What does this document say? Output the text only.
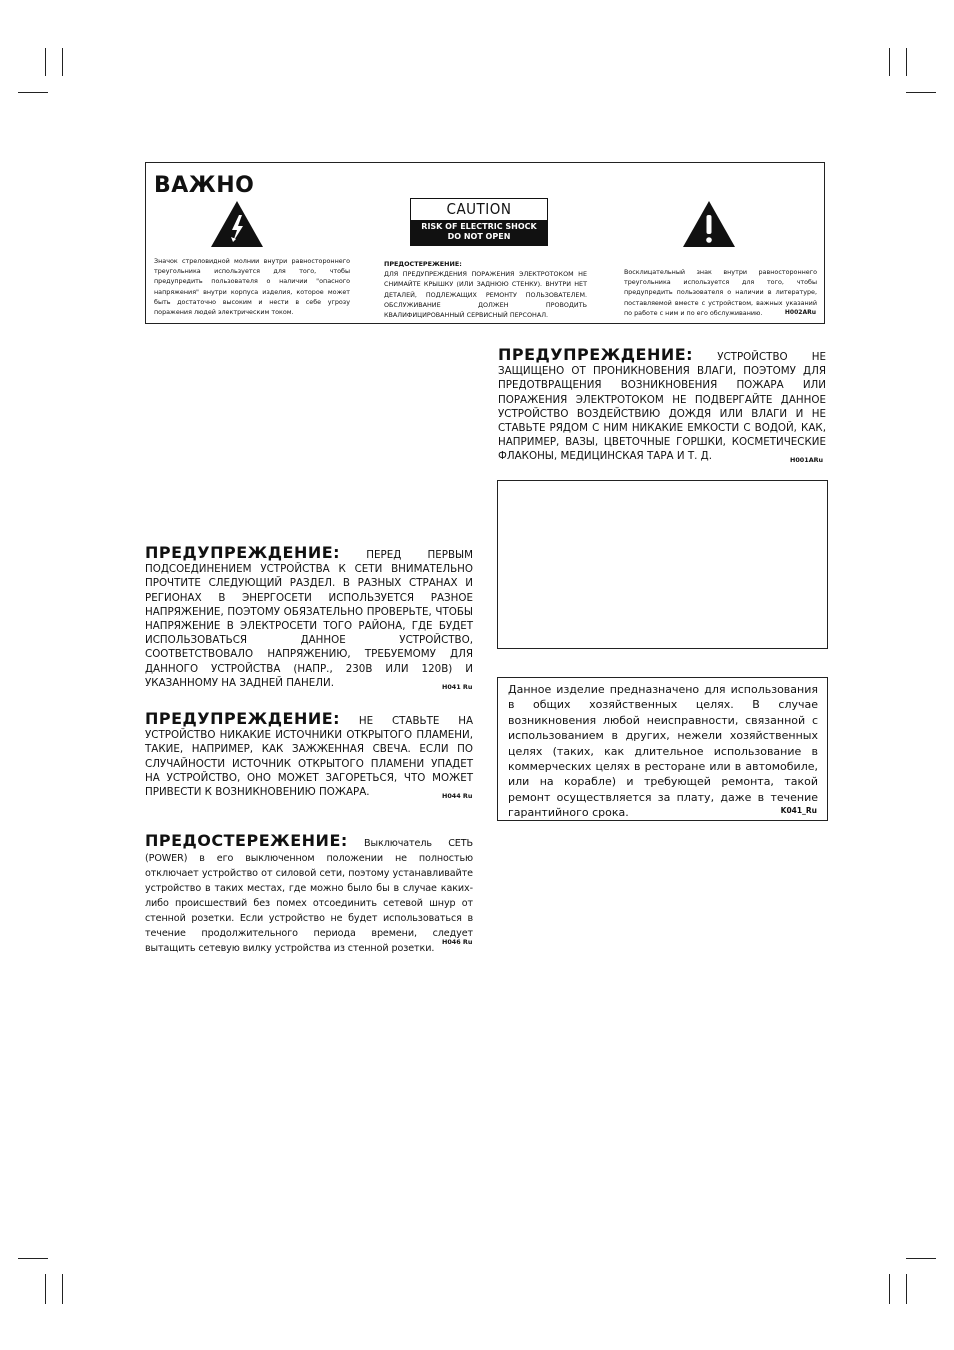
ВАЖНО
Значок стреловидной молнии внутри равностороннего треугольника используется для того, чтобы предупредить пользователя о наличии "опасного напряжения" внутри корпуса изделия, которое может быть достаточно высоким и нести в себе угрозу поражения людей электрическим током.
CAUTION
RISK OF ELECTRIC SHOCK
DO NOT OPEN
ПРЕДОСТЕРЕЖЕНИЕ:
ДЛЯ ПРЕДУПРЕЖДЕНИЯ ПОРАЖЕНИЯ ЭЛЕКТРОТОКОМ НЕ СНИМАЙТЕ КРЫШКУ (ИЛИ ЗАДНЮЮ СТЕНКУ). ВНУТРИ НЕТ ДЕТАЛЕЙ, ПОДЛЕЖАЩИХ РЕМОНТУ ПОЛЬЗОВАТЕЛЕМ. ОБСЛУЖИВАНИЕ ДОЛЖЕН ПРОВОДИТЬ КВАЛИФИЦИРОВАННЫЙ СЕРВИСНЫЙ ПЕРСОНАЛ.
Восклицательный знак внутри равностороннего треугольника используется для того, чтобы предупредить пользователя о наличии в литературе, поставляемой вместе с устройством, важных указаний по работе с ним и по его обслуживанию.	H002ARu
ПРЕДУПРЕЖДЕНИЕ: УСТРОЙСТВО НЕ ЗАЩИЩЕНО ОТ ПРОНИКНОВЕНИЯ ВЛАГИ, ПОЭТОМУ ДЛЯ ПРЕДОТВРАЩЕНИЯ ВОЗНИКНОВЕНИЯ ПОЖАРА ИЛИ ПОРАЖЕНИЯ ЭЛЕКТРОТОКОМ НЕ ПОДВЕРГАЙТЕ ДАННОЕ УСТРОЙСТВО ВОЗДЕЙСТВИЮ ДОЖДЯ ИЛИ ВЛАГИ И НЕ СТАВЬТЕ РЯДОМ С НИМ НИКАКИЕ ЕМКОСТИ С ВОДОЙ, КАК, НАПРИМЕР, ВАЗЫ, ЦВЕТОЧНЫЕ ГОРШКИ, КОСМЕТИЧЕСКИЕ ФЛАКОНЫ, МЕДИЦИНСКАЯ ТАРА И Т. Д.	H001ARu
Данное изделие предназначено для использования в общих хозяйственных целях. В случае возникновения любой неисправности, связанной с использованием в других, нежели хозяйственных целях (таких, как длительное использование в коммерческих целях в ресторане или в автомобиле, или на корабле) и требующей ремонта, такой ремонт осуществляется за плату, даже в течение гарантийного срока.	K041_Ru
ПРЕДУПРЕЖДЕНИЕ:	ПЕРЕД ПЕРВЫМ ПОДСОЕДИНЕНИЕМ УСТРОЙСТВА К СЕТИ ВНИМАТЕЛЬНО ПРОЧТИТЕ СЛЕДУЮЩИЙ РАЗДЕЛ. В РАЗНЫХ СТРАНАХ И РЕГИОНАХ В ЭНЕРГОСЕТИ ИСПОЛЬЗУЕТСЯ РАЗНОЕ НАПРЯЖЕНИЕ, ПОЭТОМУ ОБЯЗАТЕЛЬНО ПРОВЕРЬТЕ, ЧТОБЫ НАПРЯЖЕНИЕ В ЭЛЕКТРОСЕТИ ТОГО РАЙОНА, ГДЕ БУДЕТ ИСПОЛЬЗОВАТЬСЯ ДАННОЕ УСТРОЙСТВО, СООТВЕТСТВОВАЛО НАПРЯЖЕНИЮ, ТРЕБУЕМОМУ ДЛЯ ДАННОГО УСТРОЙСТВА (НАПР., 230В ИЛИ 120В) И УКАЗАННОМУ НА ЗАДНЕЙ ПАНЕЛИ.	H041 Ru
ПРЕДУПРЕЖДЕНИЕ: НЕ СТАВЬТЕ НА УСТРОЙСТВО НИКАКИЕ ИСТОЧНИКИ ОТКРЫТОГО ПЛАМЕНИ, ТАКИЕ, НАПРИМЕР, КАК ЗАЖЖЕННАЯ СВЕЧА. ЕСЛИ ПО СЛУЧАЙНОСТИ ИСТОЧНИК ОТКРЫТОГО ПЛАМЕНИ УПАДЕТ НА УСТРОЙСТВО, ОНО МОЖЕТ ЗАГОРЕТЬСЯ, ЧТО МОЖЕТ ПРИВЕСТИ К ВОЗНИКНОВЕНИЮ ПОЖАРА.	H044 Ru
ПРЕДОСТЕРЕЖЕНИЕ: Выключатель СЕТЬ (POWER) в его выключенном положении не полностью отключает устройство от силовой сети, поэтому устанавливайте устройство в таких местах, где можно было бы в случае каких-либо происшествий без помех отсоединить сетевой шнур от стенной розетки. Если устройство не будет использоваться в течение продолжительного периода времени, следует вытащить сетевую вилку устройства из стенной розетки.
H046 Ru
